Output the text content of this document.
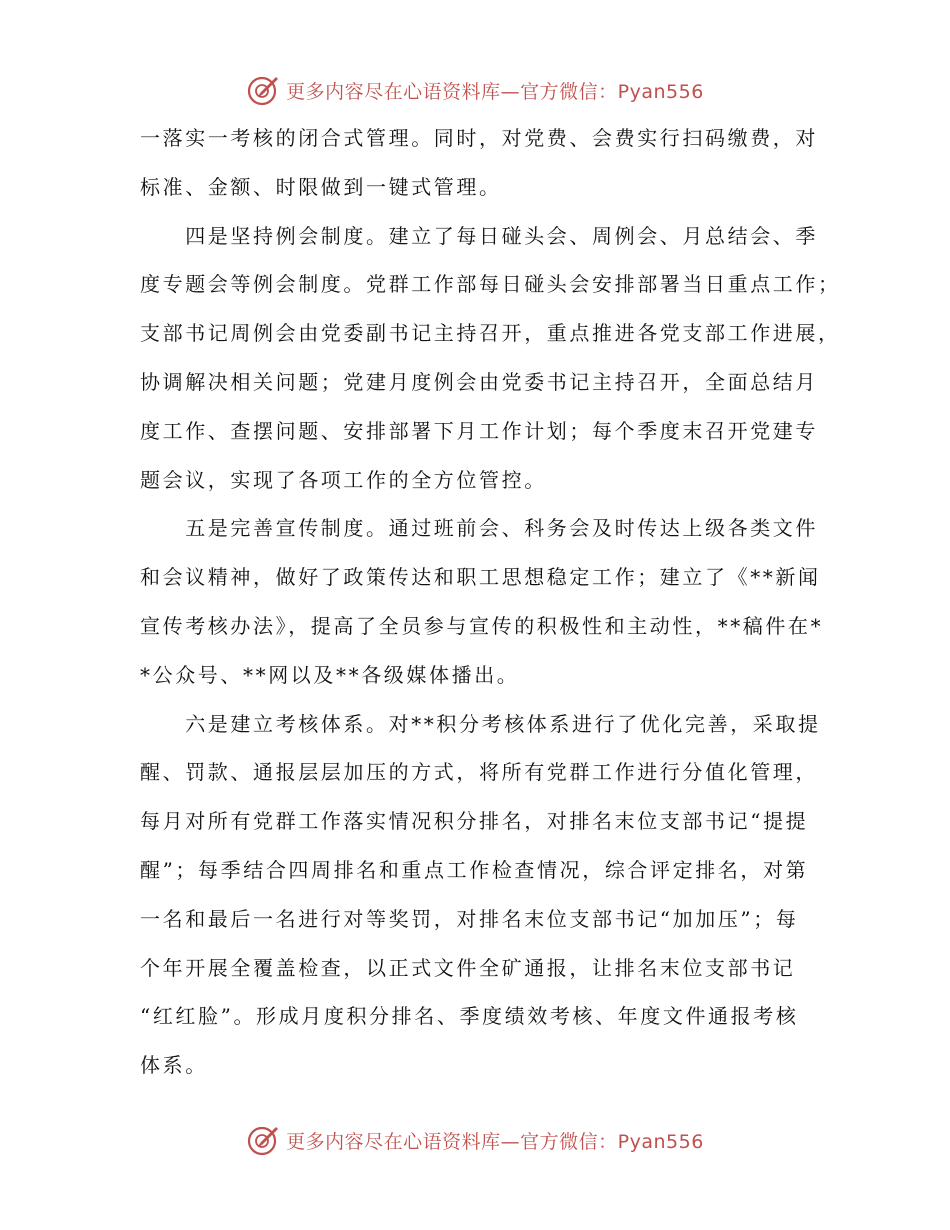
更多内容尽在心语资料库—官方微信：Pyan556
一落实一考核的闭合式管理。同时，对党费、会费实行扫码缴费，对
标准、金额、时限做到一键式管理。
　　四是坚持例会制度。建立了每日碰头会、周例会、月总结会、季
度专题会等例会制度。党群工作部每日碰头会安排部署当日重点工作；
支部书记周例会由党委副书记主持召开，重点推进各党支部工作进展，
协调解决相关问题；党建月度例会由党委书记主持召开，全面总结月
度工作、查摆问题、安排部署下月工作计划；每个季度末召开党建专
题会议，实现了各项工作的全方位管控。
　　五是完善宣传制度。通过班前会、科务会及时传达上级各类文件
和会议精神，做好了政策传达和职工思想稳定工作；建立了《**新闻
宣传考核办法》，提高了全员参与宣传的积极性和主动性，**稿件在*
*公众号、**网以及**各级媒体播出。
　　六是建立考核体系。对**积分考核体系进行了优化完善，采取提
醒、罚款、通报层层加压的方式，将所有党群工作进行分值化管理，
每月对所有党群工作落实情况积分排名，对排名末位支部书记“提提
醒”；每季结合四周排名和重点工作检查情况，综合评定排名，对第
一名和最后一名进行对等奖罚，对排名末位支部书记“加加压”；每
个年开展全覆盖检查，以正式文件全矿通报，让排名末位支部书记
“红红脸”。形成月度积分排名、季度绩效考核、年度文件通报考核
体系。
更多内容尽在心语资料库—官方微信：Pyan556
